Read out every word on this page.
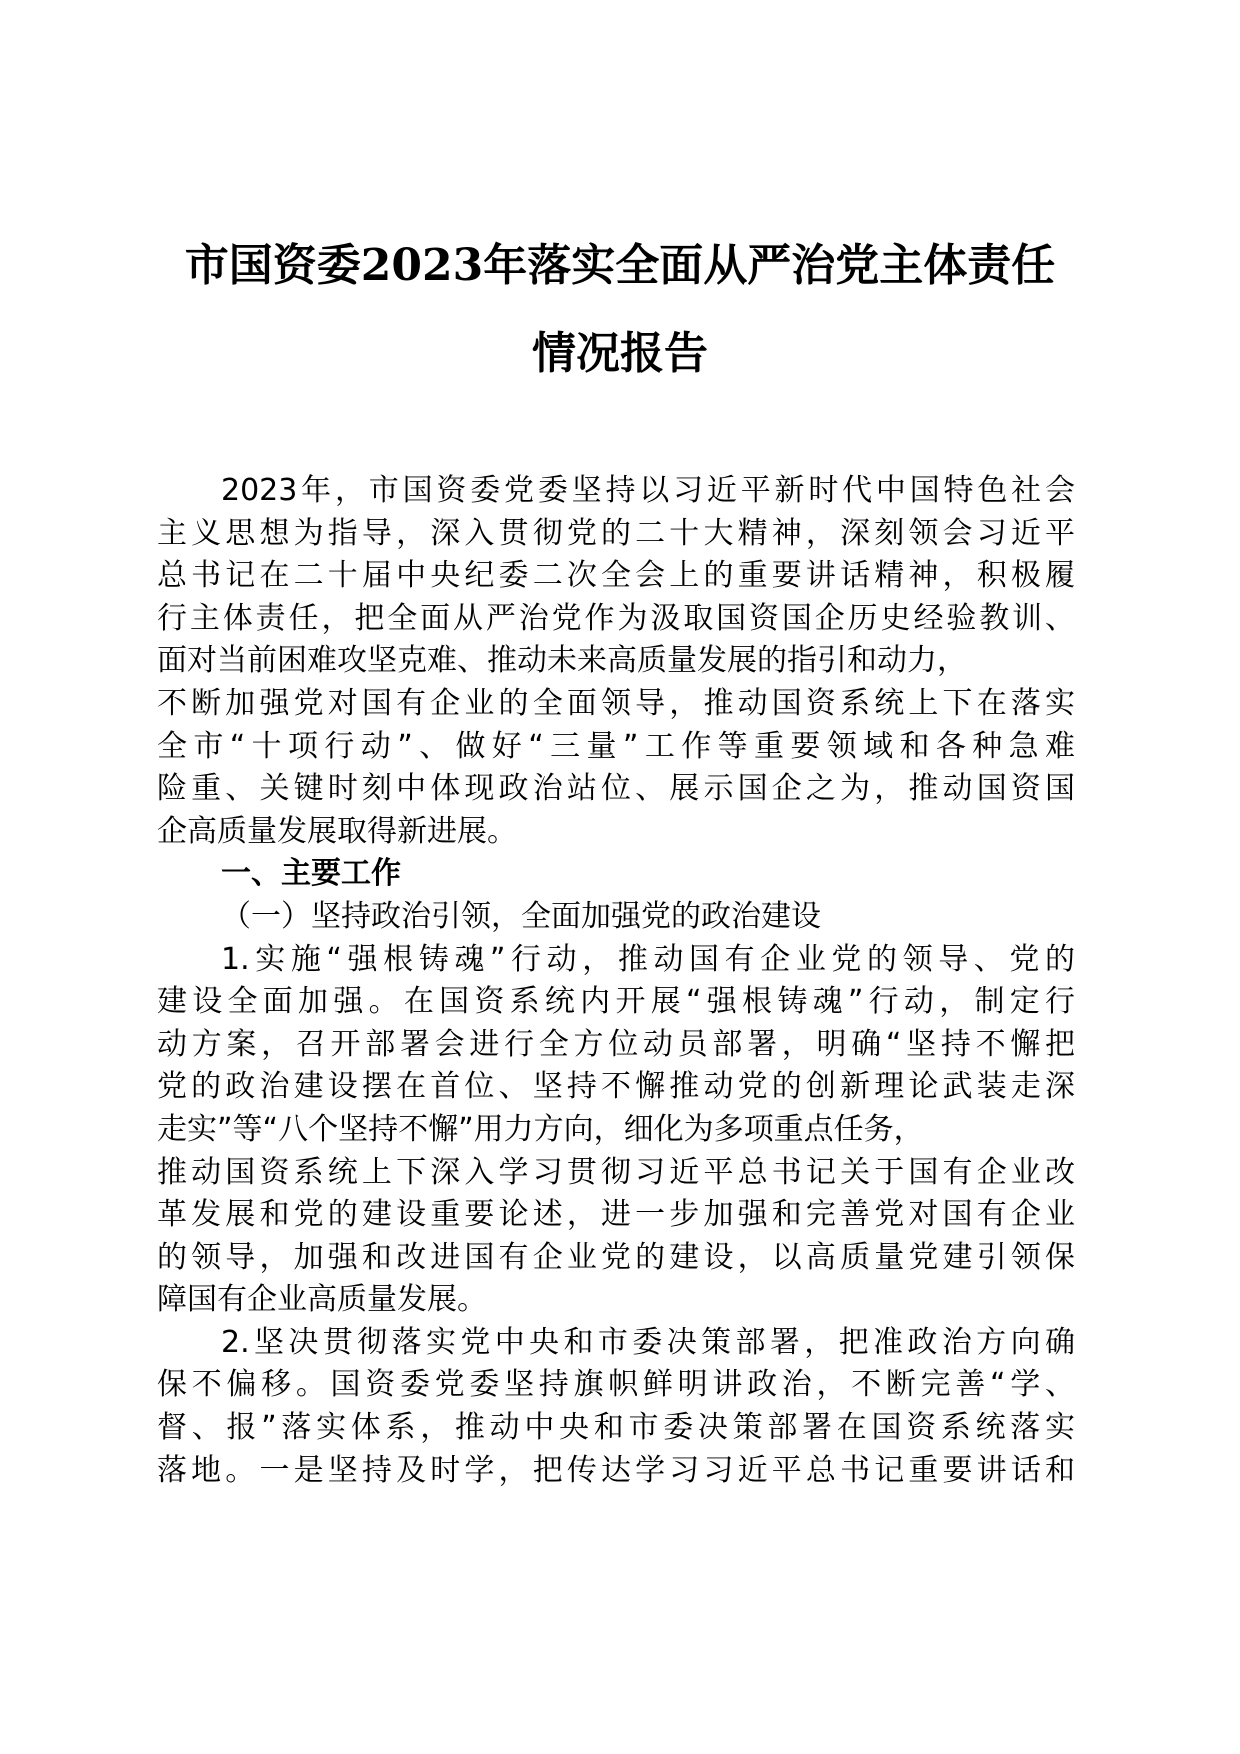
市国资委2023年落实全面从严治党主体责任
情况报告
2023年，市国资委党委坚持以习近平新时代中国特色社会
主义思想为指导，深入贯彻党的二十大精神，深刻领会习近平
总书记在二十届中央纪委二次全会上的重要讲话精神，积极履
行主体责任，把全面从严治党作为汲取国资国企历史经验教训、
面对当前困难攻坚克难、推动未来高质量发展的指引和动力，
不断加强党对国有企业的全面领导，推动国资系统上下在落实
全市“十项行动”、做好“三量”工作等重要领域和各种急难
险重、关键时刻中体现政治站位、展示国企之为，推动国资国
企高质量发展取得新进展。
一、主要工作
（一）坚持政治引领，全面加强党的政治建设
1.实施“强根铸魂”行动，推动国有企业党的领导、党的
建设全面加强。在国资系统内开展“强根铸魂”行动，制定行
动方案，召开部署会进行全方位动员部署，明确“坚持不懈把
党的政治建设摆在首位、坚持不懈推动党的创新理论武装走深
走实”等“八个坚持不懈”用力方向，细化为多项重点任务，
推动国资系统上下深入学习贯彻习近平总书记关于国有企业改
革发展和党的建设重要论述，进一步加强和完善党对国有企业
的领导，加强和改进国有企业党的建设，以高质量党建引领保
障国有企业高质量发展。
2.坚决贯彻落实党中央和市委决策部署，把准政治方向确
保不偏移。国资委党委坚持旗帜鲜明讲政治，不断完善“学、
督、报”落实体系，推动中央和市委决策部署在国资系统落实
落地。一是坚持及时学，把传达学习习近平总书记重要讲话和
